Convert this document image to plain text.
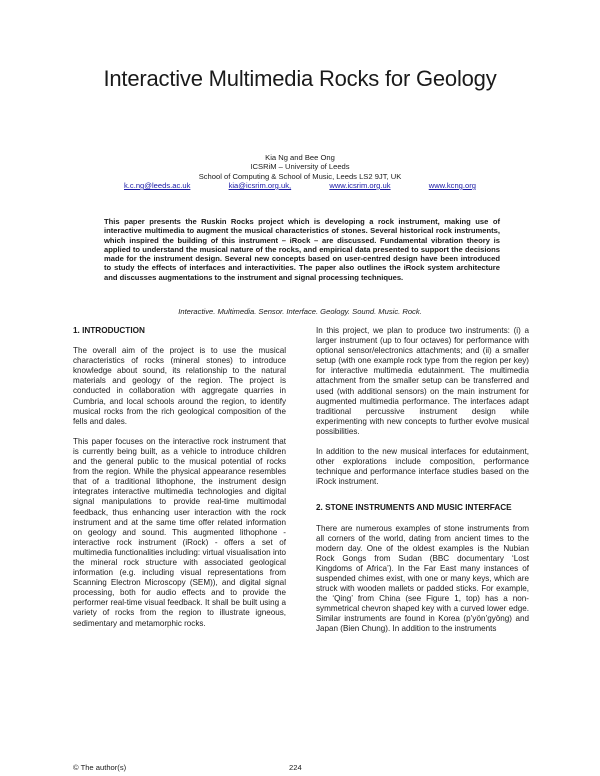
Interactive Multimedia Rocks for Geology
Kia Ng and Bee Ong
ICSRiM – University of Leeds
School of Computing & School of Music, Leeds LS2 9JT, UK
k.c.ng@leeds.ac.uk	kia@icsrim.org.uk,	www.icsrim.org.uk	www.kcng.org
This paper presents the Ruskin Rocks project which is developing a rock instrument, making use of interactive multimedia to augment the musical characteristics of stones. Several historical rock instruments, which inspired the building of this instrument – iRock – are discussed. Fundamental vibration theory is applied to understand the musical nature of the rocks, and empirical data presented to support the decisions made for the instrument design. Several new concepts based on user-centred design have been introduced to study the effects of interfaces and interactivities. The paper also outlines the iRock system architecture and discusses augmentations to the instrument and signal processing techniques.
Interactive. Multimedia. Sensor. Interface. Geology. Sound. Music. Rock.
1. INTRODUCTION

The overall aim of the project is to use the musical characteristics of rocks (mineral stones) to introduce knowledge about sound, its relationship to the natural materials and geology of the region. The project is conducted in collaboration with aggregate quarries in Cumbria, and local schools around the region, to identify musical rocks from the rich geological composition of the fells and dales.

This paper focuses on the interactive rock instrument that is currently being built, as a vehicle to introduce children and the general public to the musical potential of rocks from the region. While the physical appearance resembles that of a traditional lithophone, the instrument design integrates interactive multimedia technologies and digital signal manipulations to provide real-time multimodal feedback, thus enhancing user interaction with the rock instrument and at the same time offer related information on geology and sound. This augmented lithophone - interactive rock instrument (iRock) - offers a set of multimedia functionalities including: virtual visualisation into the mineral rock structure with associated geological information (e.g. including visual representations from Scanning Electron Microscopy (SEM)), and digital signal processing, both for audio effects and to provide the performer real-time visual feedback. It shall be built using a variety of rocks from the region to illustrate igneous, sedimentary and metamorphic rocks.

In this project, we plan to produce two instruments: (i) a larger instrument (up to four octaves) for performance with optional sensor/electronics attachments; and (ii) a smaller setup (with one example rock type from the region per key) for interactive multimedia edutainment. The multimedia attachment from the smaller setup can be transferred and used (with additional sensors) on the main instrument for augmented multimedia performance. The interfaces adapt traditional percussive instrument design while experimenting with new concepts to further evolve musical possibilities.

In addition to the new musical interfaces for edutainment, other explorations include composition, performance technique and performance interface studies based on the iRock instrument.

2. STONE INSTRUMENTS AND MUSIC INTERFACE

There are numerous examples of stone instruments from all corners of the world, dating from ancient times to the modern day. One of the oldest examples is the Nubian Rock Gongs from Sudan (BBC documentary ‘Lost Kingdoms of Africa’). In the Far East many instances of suspended chimes exist, with one or many keys, which are struck with wooden mallets or padded sticks. For example, the ‘Qing’ from China (see Figure 1, top) has a non-symmetrical chevron shaped key with a curved lower edge. Similar instruments are found in Korea (p’yön’gyöng) and Japan (Bien Chung). In addition to the instruments

© The author(s)	224
